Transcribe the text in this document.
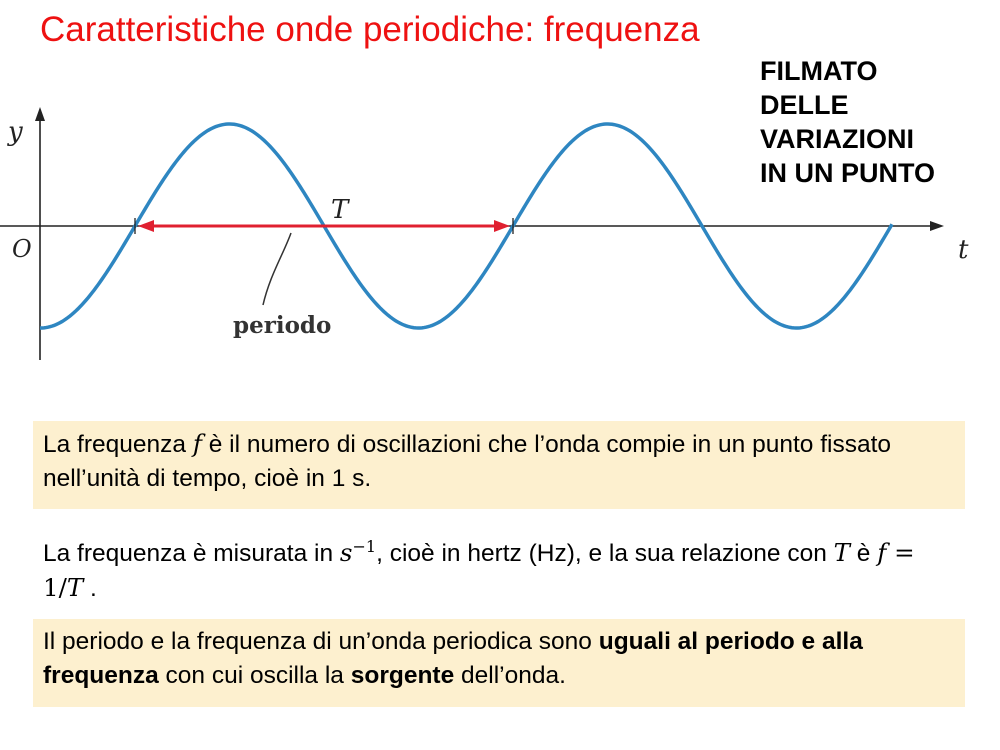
Caratteristiche onde periodiche: frequenza
FILMATO
DELLE
VARIAZIONI
IN UN PUNTO
y
O	t
T
periodo
La frequenza f è il numero di oscillazioni che l’onda compie in un punto fissato nell’unità di tempo, cioè in 1 s.
La frequenza è misurata in $s^{-1}$, cioè in hertz (Hz), e la sua relazione con T è f = 1/T .
Il periodo e la frequenza di un’onda periodica sono uguali al periodo e alla frequenza con cui oscilla la sorgente dell’onda.
